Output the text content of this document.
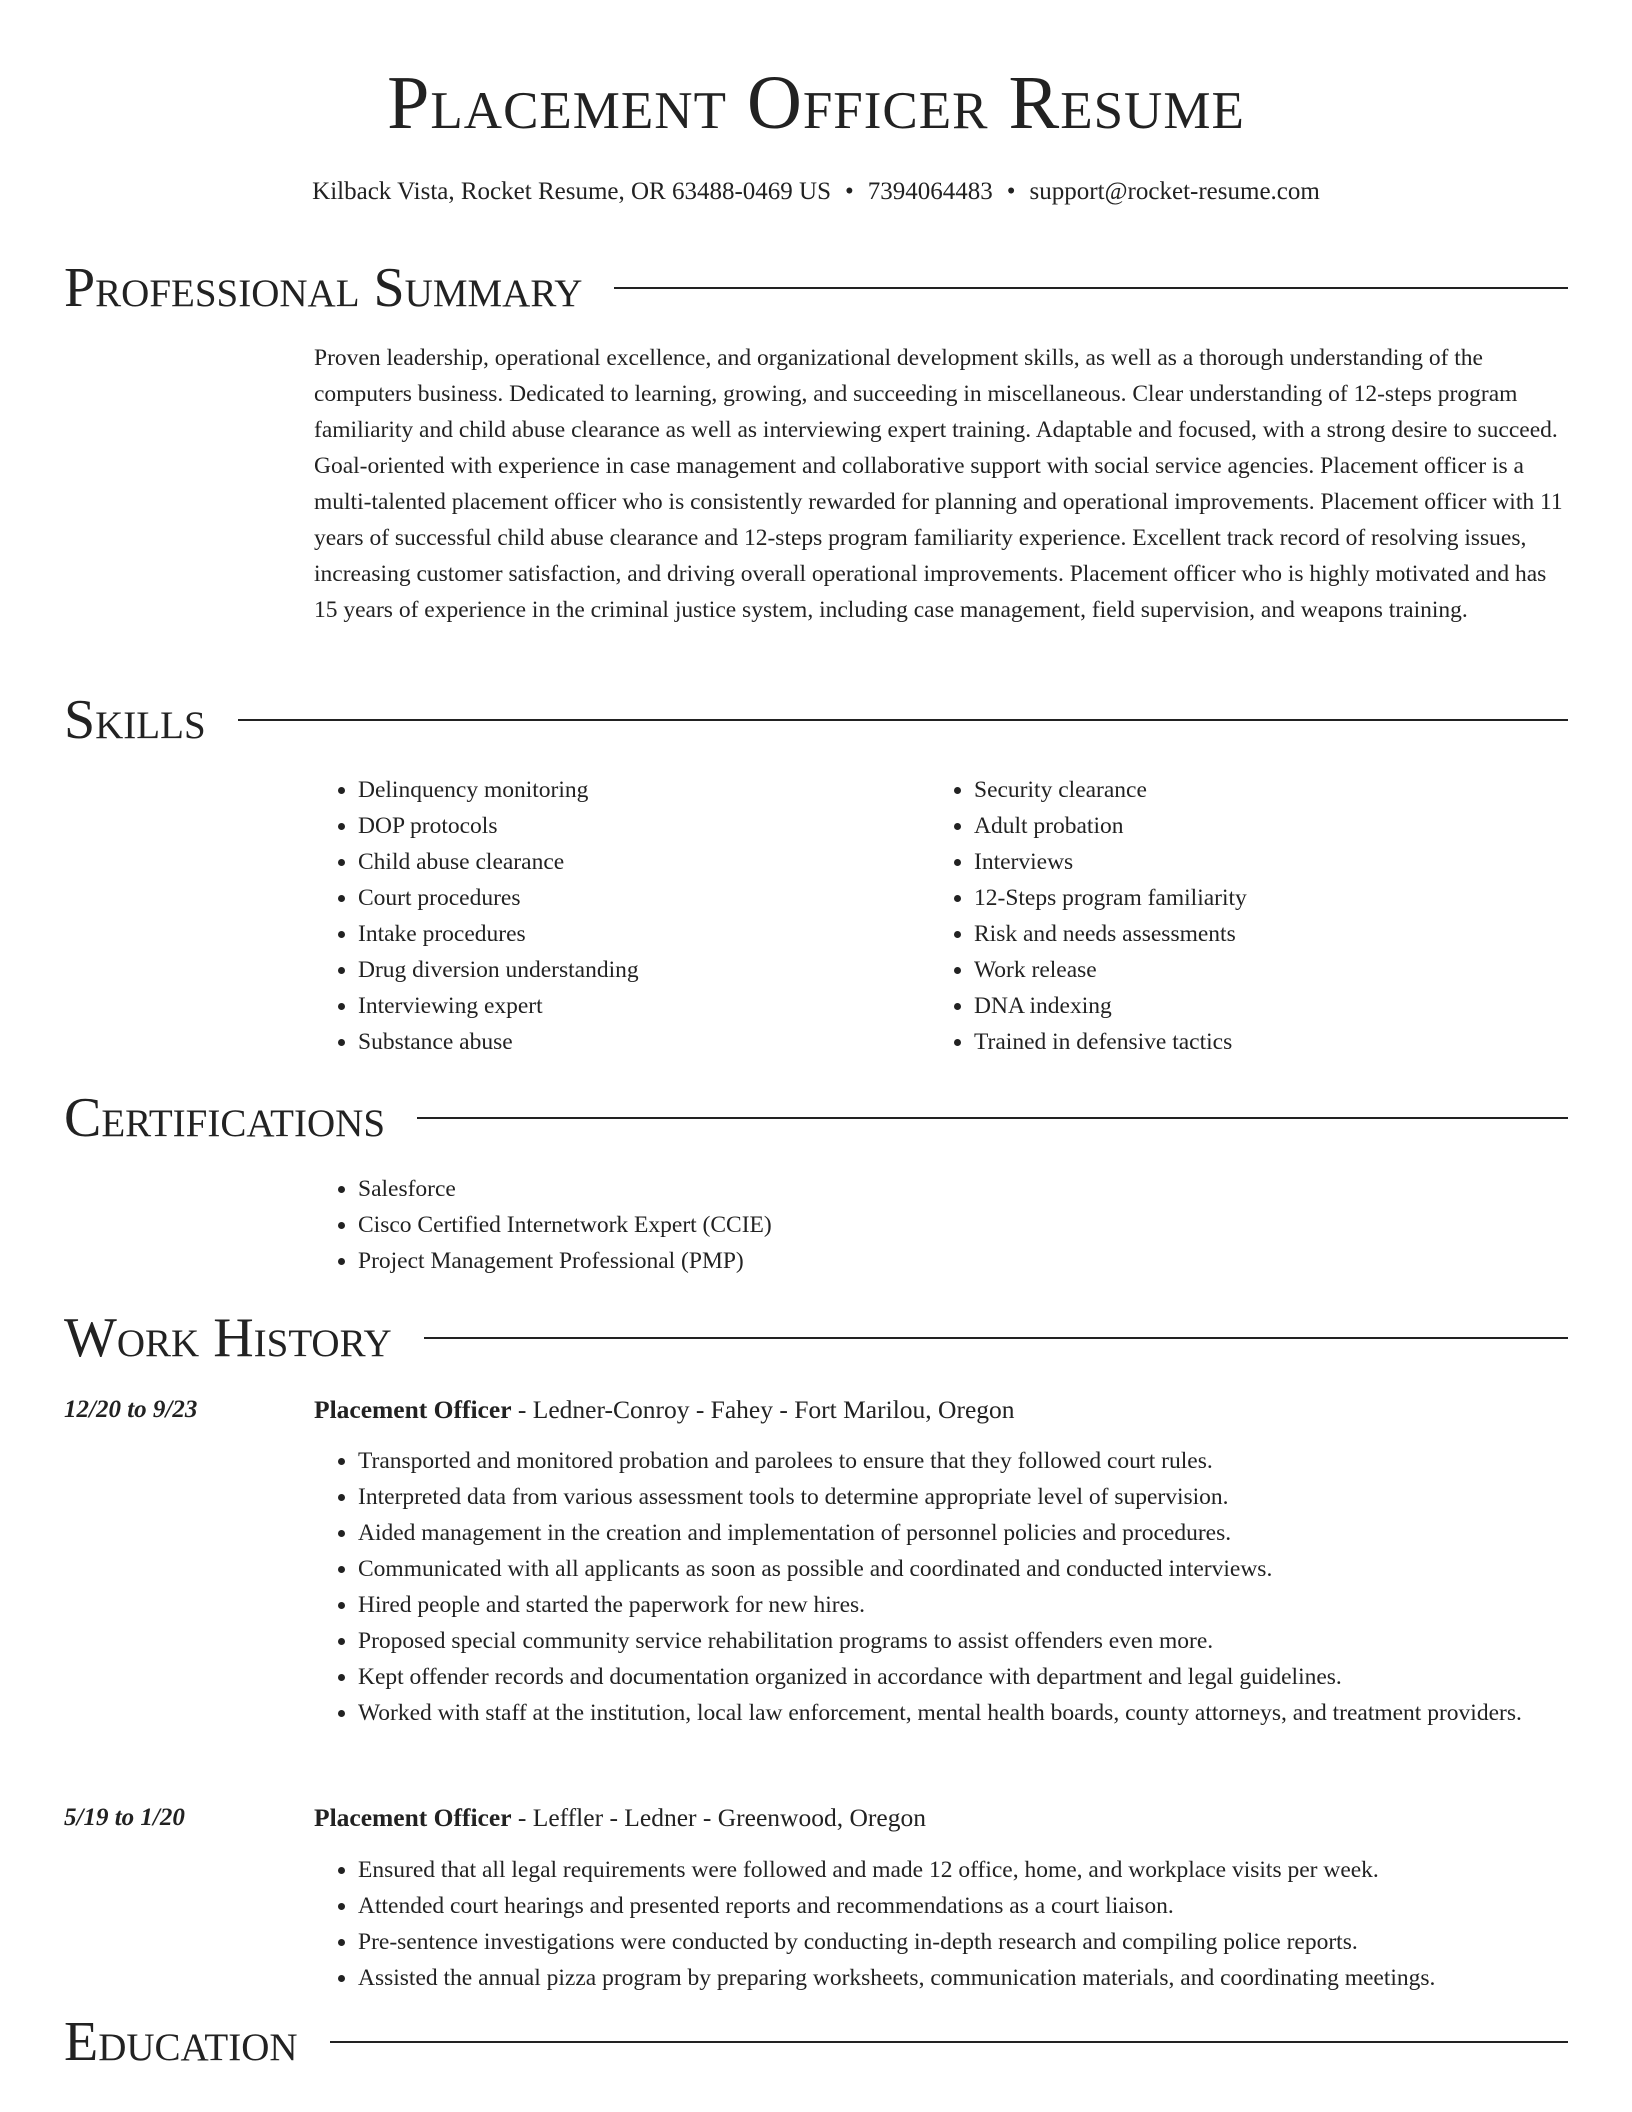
Placement Officer Resume
Kilback Vista, Rocket Resume, OR 63488-0469 US • 7394064483 • support@rocket-resume.com
Professional Summary

Proven leadership, operational excellence, and organizational development skills, as well as a thorough understanding of the computers business. Dedicated to learning, growing, and succeeding in miscellaneous. Clear understanding of 12-steps program familiarity and child abuse clearance as well as interviewing expert training. Adaptable and focused, with a strong desire to succeed. Goal-oriented with experience in case management and collaborative support with social service agencies. Placement officer is a multi-talented placement officer who is consistently rewarded for planning and operational improvements. Placement officer with 11 years of successful child abuse clearance and 12-steps program familiarity experience. Excellent track record of resolving issues, increasing customer satisfaction, and driving overall operational improvements. Placement officer who is highly motivated and has 15 years of experience in the criminal justice system, including case management, field supervision, and weapons training.

Skills
• Delinquency monitoring
• DOP protocols
• Child abuse clearance
• Court procedures
• Intake procedures
• Drug diversion understanding
• Interviewing expert
• Substance abuse
• Security clearance
• Adult probation
• Interviews
• 12-Steps program familiarity
• Risk and needs assessments
• Work release
• DNA indexing
• Trained in defensive tactics
Certifications
• Salesforce
• Cisco Certified Internetwork Expert (CCIE)
• Project Management Professional (PMP)
Work History
12/20 to 9/23	Placement Officer - Ledner-Conroy - Fahey - Fort Marilou, Oregon
• Transported and monitored probation and parolees to ensure that they followed court rules.
• Interpreted data from various assessment tools to determine appropriate level of supervision.
• Aided management in the creation and implementation of personnel policies and procedures.
• Communicated with all applicants as soon as possible and coordinated and conducted interviews.
• Hired people and started the paperwork for new hires.
• Proposed special community service rehabilitation programs to assist offenders even more.
• Kept offender records and documentation organized in accordance with department and legal guidelines.
• Worked with staff at the institution, local law enforcement, mental health boards, county attorneys, and treatment providers.
5/19 to 1/20	Placement Officer - Leffler - Ledner - Greenwood, Oregon
• Ensured that all legal requirements were followed and made 12 office, home, and workplace visits per week.
• Attended court hearings and presented reports and recommendations as a court liaison.
• Pre-sentence investigations were conducted by conducting in-depth research and compiling police reports.
• Assisted the annual pizza program by preparing worksheets, communication materials, and coordinating meetings.
Education
